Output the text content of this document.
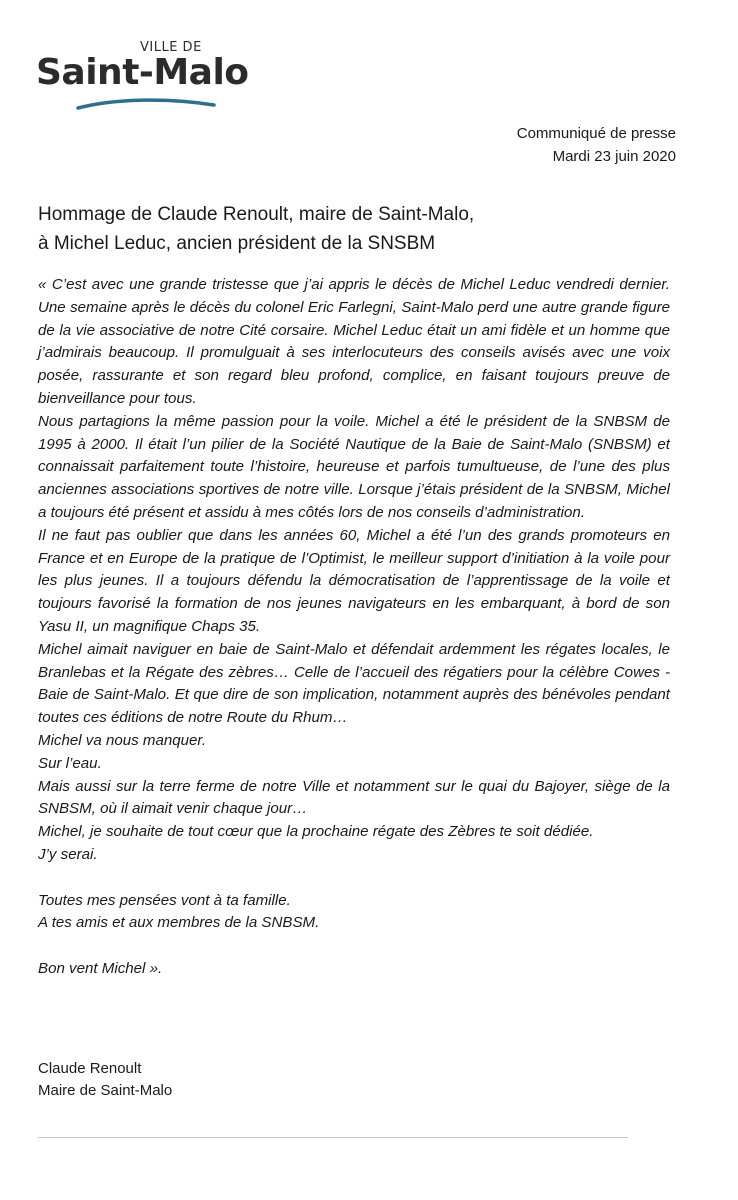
VILLE DE
Saint-Malo
Communiqué de presse
Mardi 23 juin 2020
Hommage de Claude Renoult, maire de Saint-Malo,
à Michel Leduc, ancien président de la SNSBM

« C’est avec une grande tristesse que j’ai appris le décès de Michel Leduc vendredi dernier. Une semaine après le décès du colonel Eric Farlegni, Saint-Malo perd une autre grande figure de la vie associative de notre Cité corsaire. Michel Leduc était un ami fidèle et un homme que j’admirais beaucoup. Il promulguait à ses interlocuteurs des conseils avisés avec une voix posée, rassurante et son regard bleu profond, complice, en faisant toujours preuve de bienveillance pour tous.

Nous partagions la même passion pour la voile. Michel a été le président de la SNBSM de 1995 à 2000. Il était l’un pilier de la Société Nautique de la Baie de Saint-Malo (SNBSM) et connaissait parfaitement toute l’histoire, heureuse et parfois tumultueuse, de l’une des plus anciennes associations sportives de notre ville. Lorsque j’étais président de la SNBSM, Michel a toujours été présent et assidu à mes côtés lors de nos conseils d’administration.

Il ne faut pas oublier que dans les années 60, Michel a été l’un des grands promoteurs en France et en Europe de la pratique de l’Optimist, le meilleur support d’initiation à la voile pour les plus jeunes. Il a toujours défendu la démocratisation de l’apprentissage de la voile et toujours favorisé la formation de nos jeunes navigateurs en les embarquant, à bord de son Yasu II, un magnifique Chaps 35.

Michel aimait naviguer en baie de Saint-Malo et défendait ardemment les régates locales, le Branlebas et la Régate des zèbres… Celle de l’accueil des régatiers pour la célèbre Cowes - Baie de Saint-Malo. Et que dire de son implication, notamment auprès des bénévoles pendant toutes ces éditions de notre Route du Rhum…

Michel va nous manquer.

Sur l’eau.

Mais aussi sur la terre ferme de notre Ville et notamment sur le quai du Bajoyer, siège de la SNBSM, où il aimait venir chaque jour…

Michel, je souhaite de tout cœur que la prochaine régate des Zèbres te soit dédiée.

J’y serai.

Toutes mes pensées vont à ta famille.

A tes amis et aux membres de la SNBSM.

Bon vent Michel ».

Claude Renoult
Maire de Saint-Malo
